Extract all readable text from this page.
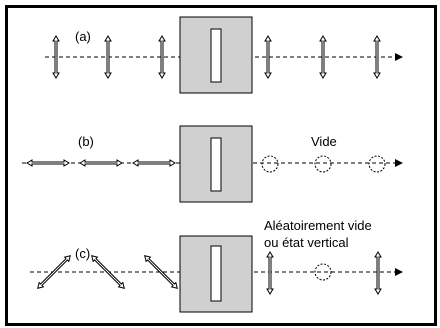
(a)
(b)	Vide
(c)
Aléatoirement vide
ou état vertical
